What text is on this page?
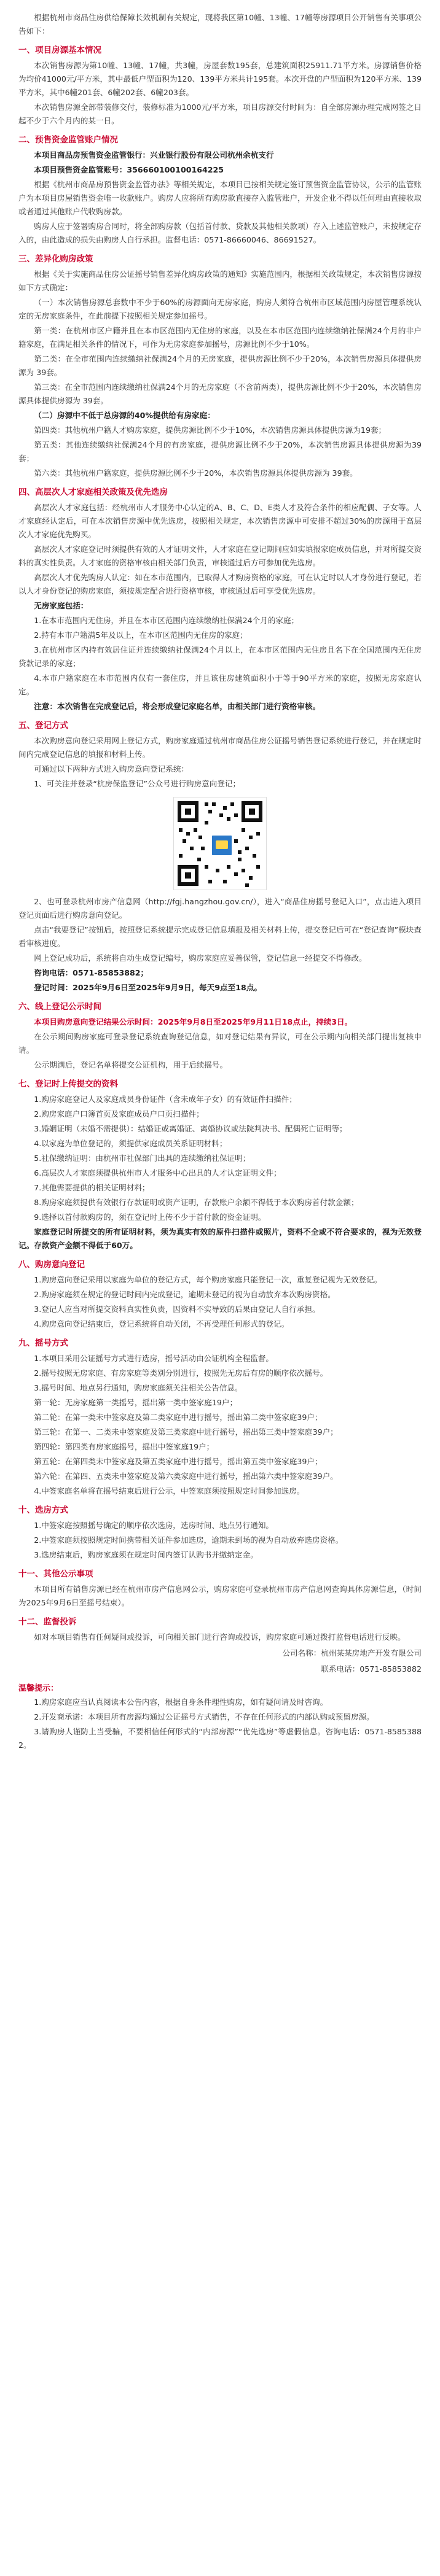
根据杭州市商品住房供给保障长效机制有关规定，现将我区第10幢、13幢、17幢等房源项目公开销售有关事项公告如下：

一、项目房源基本情况

本次销售房源为第10幢、13幢、17幢，共3幢，房屋套数195套，总建筑面积25911.71平方米。房源销售价格为均价41000元/平方米，其中最低户型面积为120、139平方米共计195套。本次开盘的户型面积为120平方米、139平方米，其中6幢201套、6幢202套、6幢203套。

本次销售房源全部带装修交付，装修标准为1000元/平方米，项目房源交付时间为：自全部房源办理完成网签之日起不少于六个月内的某一日。

二、预售资金监管账户情况

本项目商品房预售资金监管银行：兴业银行股份有限公司杭州余杭支行

本项目预售资金监管账号：356660100100164225

根据《杭州市商品房预售资金监管办法》等相关规定，本项目已按相关规定签订预售资金监管协议，公示的监管账户为本项目房屋销售资金唯一收款账户。购房人应将所有购房款直接存入监管账户，开发企业不得以任何理由直接收取或者通过其他账户代收购房款。

购房人应于签署购房合同时，将全部购房款（包括首付款、贷款及其他相关款项）存入上述监管账户，未按规定存入的，由此造成的损失由购房人自行承担。监督电话：0571-86660046、86691527。

三、差异化购房政策

根据《关于实施商品住房公证摇号销售差异化购房政策的通知》实施范围内，根据相关政策规定，本次销售房源按如下方式确定：

（一）本次销售房源总套数中不少于60%的房源面向无房家庭，购房人须符合杭州市区域范围内房屋管理系统认定的无房家庭条件，在此前提下按照相关规定参加摇号。

第一类：在杭州市区户籍并且在本市区范围内无住房的家庭，以及在本市区范围内连续缴纳社保满24个月的非户籍家庭，在满足相关条件的情况下，可作为无房家庭参加摇号，房源比例不少于10%。

第二类：在全市范围内连续缴纳社保满24个月的无房家庭，提供房源比例不少于20%，本次销售房源具体提供房源为 39套。

第三类：在全市范围内连续缴纳社保满24个月的无房家庭（不含前两类），提供房源比例不少于20%，本次销售房源具体提供房源为 39套。

（二）房源中不低于总房源的40%提供给有房家庭：

第四类：其他杭州户籍人才购房家庭，提供房源比例不少于10%，本次销售房源具体提供房源为19套；

第五类：其他连续缴纳社保满24个月的有房家庭，提供房源比例不少于20%，本次销售房源具体提供房源为39套；

第六类：其他杭州户籍家庭，提供房源比例不少于20%，本次销售房源具体提供房源为 39套。

四、高层次人才家庭相关政策及优先选房

高层次人才家庭包括：经杭州市人才服务中心认定的A、B、C、D、E类人才及符合条件的相应配偶、子女等。人才家庭经认定后，可在本次销售房源中优先选房，按照相关规定，本次销售房源中可安排不超过30%的房源用于高层次人才家庭优先购买。

高层次人才家庭登记时须提供有效的人才证明文件，人才家庭在登记期间应如实填报家庭成员信息，并对所提交资料的真实性负责。人才家庭的资格审核由相关部门负责，审核通过后方可参加优先选房。

高层次人才优先购房人认定：如在本市范围内，已取得人才购房资格的家庭，可在认定时以人才身份进行登记，若以人才身份登记的购房家庭，须按规定配合进行资格审核，审核通过后可享受优先选房。

无房家庭包括：

1.在本市范围内无住房，并且在本市区范围内连续缴纳社保满24个月的家庭；

2.持有本市户籍满5年及以上，在本市区范围内无住房的家庭；

3.在杭州市区内持有效居住证并连续缴纳社保满24个月以上，在本市区范围内无住房且名下在全国范围内无住房贷款记录的家庭；

4.本市户籍家庭在本市范围内仅有一套住房，并且该住房建筑面积小于等于90平方米的家庭，按照无房家庭认定。

注意：本次销售在完成登记后，将会形成登记家庭名单，由相关部门进行资格审核。

五、登记方式

本次购房意向登记采用网上登记方式，购房家庭通过杭州市商品住房公证摇号销售登记系统进行登记，并在规定时间内完成登记信息的填报和材料上传。

可通过以下两种方式进入购房意向登记系统：

1、可关注并登录“杭房保监登记”公众号进行购房意向登记；

2、也可登录杭州市房产信息网（http://fgj.hangzhou.gov.cn/），进入“商品住房摇号登记入口”，点击进入项目登记页面后进行购房意向登记。

点击“我要登记”按钮后，按照登记系统提示完成登记信息填报及相关材料上传，提交登记后可在“登记查询”模块查看审核进度。

网上登记成功后，系统将自动生成登记编号，购房家庭应妥善保管，登记信息一经提交不得修改。

咨询电话：0571-85853882；

登记时间：2025年9月6日至2025年9月9日，每天9点至18点。

六、线上登记公示时间

本项目购房意向登记结果公示时间：2025年9月8日至2025年9月11日18点止，持续3日。

在公示期间购房家庭可登录登记系统查询登记信息，如对登记结果有异议，可在公示期内向相关部门提出复核申请。

公示期满后，登记名单将提交公证机构，用于后续摇号。

七、登记时上传提交的资料

1.购房家庭登记人及家庭成员身份证件（含未成年子女）的有效证件扫描件；

2.购房家庭户口簿首页及家庭成员户口页扫描件；

3.婚姻证明（未婚不需提供）：结婚证或离婚证、离婚协议或法院判决书、配偶死亡证明等；

4.以家庭为单位登记的，须提供家庭成员关系证明材料；

5.社保缴纳证明：由杭州市社保部门出具的连续缴纳社保证明；

6.高层次人才家庭须提供杭州市人才服务中心出具的人才认定证明文件；

7.其他需要提供的相关证明材料；

8.购房家庭须提供有效银行存款证明或资产证明，存款账户余额不得低于本次购房首付款金额；

9.选择以首付款购房的，须在登记时上传不少于首付款的资金证明。

家庭登记时所提交的所有证明材料，须为真实有效的原件扫描件或照片，资料不全或不符合要求的，视为无效登记。存款资产金额不得低于60万。

八、购房意向登记

1.购房意向登记采用以家庭为单位的登记方式，每个购房家庭只能登记一次，重复登记视为无效登记。

2.购房家庭须在规定的登记时间内完成登记，逾期未登记的视为自动放弃本次购房资格。

3.登记人应当对所提交资料真实性负责，因资料不实导致的后果由登记人自行承担。

4.购房意向登记结束后，登记系统将自动关闭，不再受理任何形式的登记。

九、摇号方式

1.本项目采用公证摇号方式进行选房，摇号活动由公证机构全程监督。

2.摇号按照无房家庭、有房家庭等类别分别进行，按照先无房后有房的顺序依次摇号。

3.摇号时间、地点另行通知，购房家庭须关注相关公告信息。

第一轮：无房家庭第一类摇号，摇出第一类中签家庭19户；

第二轮：在第一类未中签家庭及第二类家庭中进行摇号，摇出第二类中签家庭39户；

第三轮：在第一、二类未中签家庭及第三类家庭中进行摇号，摇出第三类中签家庭39户；

第四轮：第四类有房家庭摇号，摇出中签家庭19户；

第五轮：在第四类未中签家庭及第五类家庭中进行摇号，摇出第五类中签家庭39户；

第六轮：在第四、五类未中签家庭及第六类家庭中进行摇号，摇出第六类中签家庭39户。

4.中签家庭名单将在摇号结束后进行公示，中签家庭须按照规定时间参加选房。

十、选房方式

1.中签家庭按照摇号确定的顺序依次选房，选房时间、地点另行通知。

2.中签家庭须按照规定时间携带相关证件参加选房，逾期未到场的视为自动放弃选房资格。

3.选房结束后，购房家庭须在规定时间内签订认购书并缴纳定金。

十一、其他公示事项

本项目所有销售房源已经在杭州市房产信息网公示，购房家庭可登录杭州市房产信息网查询具体房源信息，（时间为2025年9月6日至摇号结束）。

十二、监督投诉

如对本项目销售有任何疑问或投诉，可向相关部门进行咨询或投诉，购房家庭可通过拨打监督电话进行反映。

公司名称：杭州某某房地产开发有限公司
联系电话：0571-85853882
温馨提示：

1.购房家庭应当认真阅读本公告内容，根据自身条件理性购房，如有疑问请及时咨询。

2.开发商承诺：本项目所有房源均通过公证摇号方式销售，不存在任何形式的内部认购或预留房源。

3.请购房人谨防上当受骗，不要相信任何形式的“内部房源”“优先选房”等虚假信息。咨询电话：0571-85853882。
